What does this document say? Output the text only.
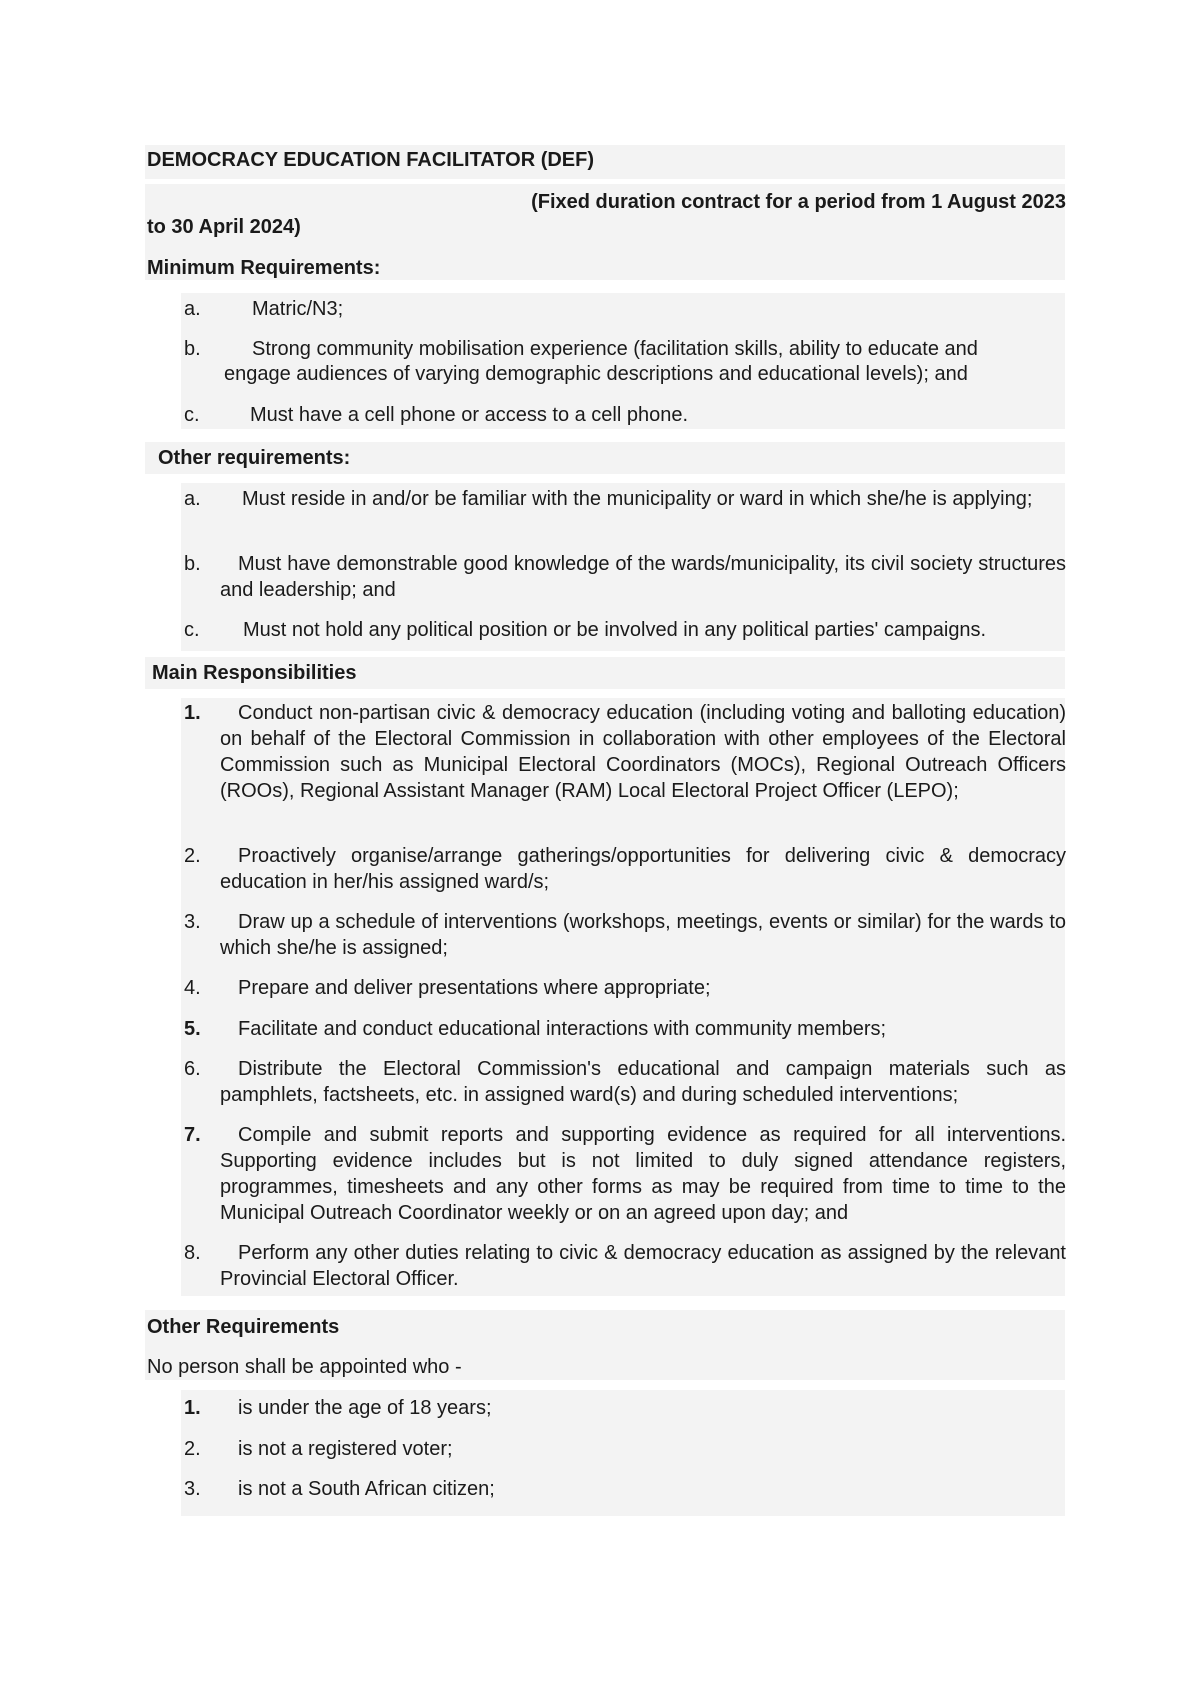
DEMOCRACY EDUCATION FACILITATOR (DEF)
(Fixed duration contract for a period from 1 August 2023
to 30 April 2024)
Minimum Requirements:
a.	Matric/N3;
b.	Strong community mobilisation experience (facilitation skills, ability to educate and
engage audiences of varying demographic descriptions and educational levels); and
c.	Must have a cell phone or access to a cell phone.
Other requirements:
a.	Must reside in and/or be familiar with the municipality or ward in which she/he is applying;
b.	Must have demonstrable good knowledge of the wards/municipality, its civil society structures and leadership; and
c. Must not hold any political position or be involved in any political parties' campaigns.
Main Responsibilities
1.	Conduct non-partisan civic & democracy education (including voting and balloting education) on behalf of the Electoral Commission in collaboration with other employees of the Electoral Commission such as Municipal Electoral Coordinators (MOCs), Regional Outreach Officers (ROOs), Regional Assistant Manager (RAM) Local Electoral Project Officer (LEPO);
2.	Proactively organise/arrange gatherings/opportunities for delivering civic & democracy education in her/his assigned ward/s;
3.	Draw up a schedule of interventions (workshops, meetings, events or similar) for the wards to which she/he is assigned;
4. Prepare and deliver presentations where appropriate;
5. Facilitate and conduct educational interactions with community members;
6.	Distribute the Electoral Commission's educational and campaign materials such as pamphlets, factsheets, etc. in assigned ward(s) and during scheduled interventions;
7.	Compile and submit reports and supporting evidence as required for all interventions. Supporting evidence includes but is not limited to duly signed attendance registers, programmes, timesheets and any other forms as may be required from time to time to the Municipal Outreach Coordinator weekly or on an agreed upon day; and
8.	Perform any other duties relating to civic & democracy education as assigned by the relevant Provincial Electoral Officer.
Other Requirements
No person shall be appointed who -
1. is under the age of 18 years;
2. is not a registered voter;
3. is not a South African citizen;
